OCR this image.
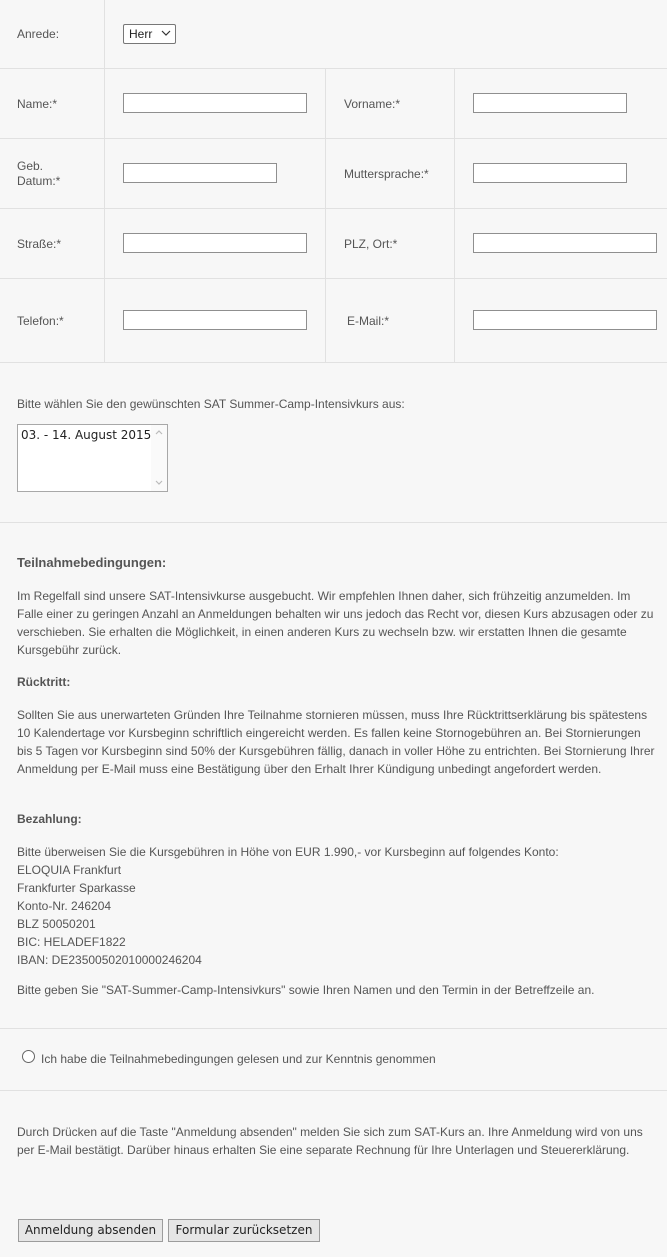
Anrede:	Herr
Name:*	Vorname:*
Geb.
Datum:*	Muttersprache:*
Straße:*	PLZ, Ort:*
Telefon:*	E-Mail:*
Bitte wählen Sie den gewünschten SAT Summer-Camp-Intensivkurs aus:
03. - 14. August 2015
Teilnahmebedingungen:

Im Regelfall sind unsere SAT-Intensivkurse ausgebucht. Wir empfehlen Ihnen daher, sich frühzeitig anzumelden. Im Falle einer zu geringen Anzahl an Anmeldungen behalten wir uns jedoch das Recht vor, diesen Kurs abzusagen oder zu verschieben. Sie erhalten die Möglichkeit, in einen anderen Kurs zu wechseln bzw. wir erstatten Ihnen die gesamte Kursgebühr zurück.

Rücktritt:

Sollten Sie aus unerwarteten Gründen Ihre Teilnahme stornieren müssen, muss Ihre Rücktrittserklärung bis spätestens 10 Kalendertage vor Kursbeginn schriftlich eingereicht werden. Es fallen keine Stornogebühren an. Bei Stornierungen bis 5 Tagen vor Kursbeginn sind 50% der Kursgebühren fällig, danach in voller Höhe zu entrichten. Bei Stornierung Ihrer Anmeldung per E-Mail muss eine Bestätigung über den Erhalt Ihrer Kündigung unbedingt angefordert werden.

Bezahlung:
Bitte überweisen Sie die Kursgebühren in Höhe von EUR 1.990,- vor Kursbeginn auf folgendes Konto:
ELOQUIA Frankfurt
Frankfurter Sparkasse
Konto-Nr. 246204
BLZ 50050201
BIC: HELADEF1822
IBAN: DE23500502010000246204

Bitte geben Sie "SAT-Summer-Camp-Intensivkurs" sowie Ihren Namen und den Termin in der Betreffzeile an.

Ich habe die Teilnahmebedingungen gelesen und zur Kenntnis genommen

Durch Drücken auf die Taste "Anmeldung absenden" melden Sie sich zum SAT-Kurs an. Ihre Anmeldung wird von uns per E-Mail bestätigt. Darüber hinaus erhalten Sie eine separate Rechnung für Ihre Unterlagen und Steuererklärung.

Anmeldung absenden	Formular zurücksetzen
